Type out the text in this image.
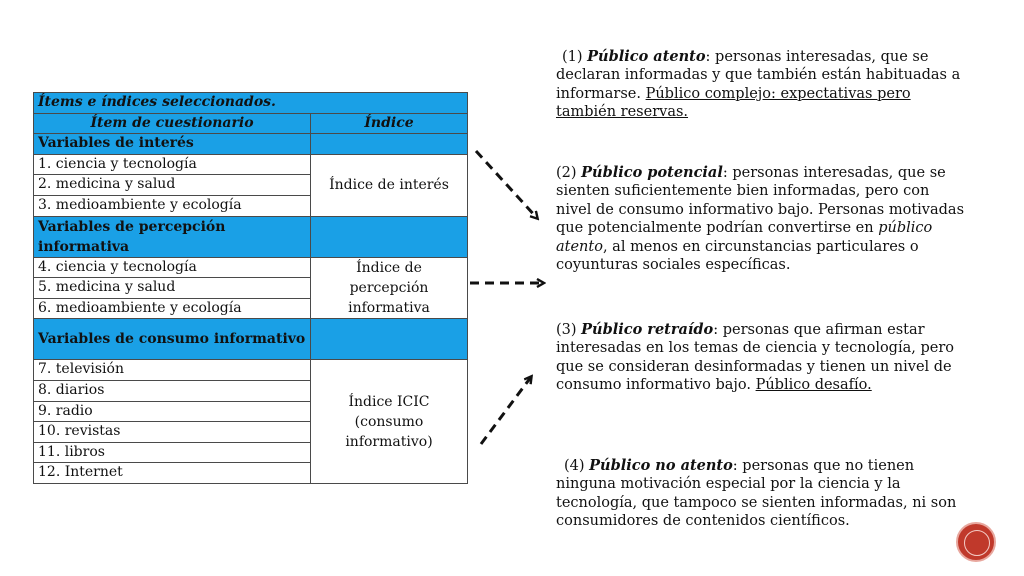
Ítems e índices seleccionados.	
Ítem de cuestionario	Índice
Variables de interés	
1. ciencia y tecnología	Índice de interés
2. medicina y salud	
3. medioambiente y ecología	
Variables de percepción informativa	
4. ciencia y tecnología	Índice de percepción informativa
5. medicina y salud	
6. medioambiente y ecología	
Variables de consumo informativo	
7. televisión	Índice ICIC (consumo informativo)
8. diarios	
9. radio	
10. revistas	
11. libros	
12. Internet	
(1) Público atento: personas interesadas, que se declaran informadas y que también están habituadas a informarse. Público complejo: expectativas pero también reservas.
(2) Público potencial: personas interesadas, que se sienten suficientemente bien informadas, pero con nivel de consumo informativo bajo. Personas motivadas que potencialmente podrían convertirse en público atento, al menos en circunstancias particulares o coyunturas sociales específicas.
(3) Público retraído: personas que afirman estar interesadas en los temas de ciencia y tecnología, pero que se consideran desinformadas y tienen un nivel de consumo informativo bajo. Público desafío.
(4) Público no atento: personas que no tienen ninguna motivación especial por la ciencia y la tecnología, que tampoco se sienten informadas, ni son consumidores de contenidos científicos.
